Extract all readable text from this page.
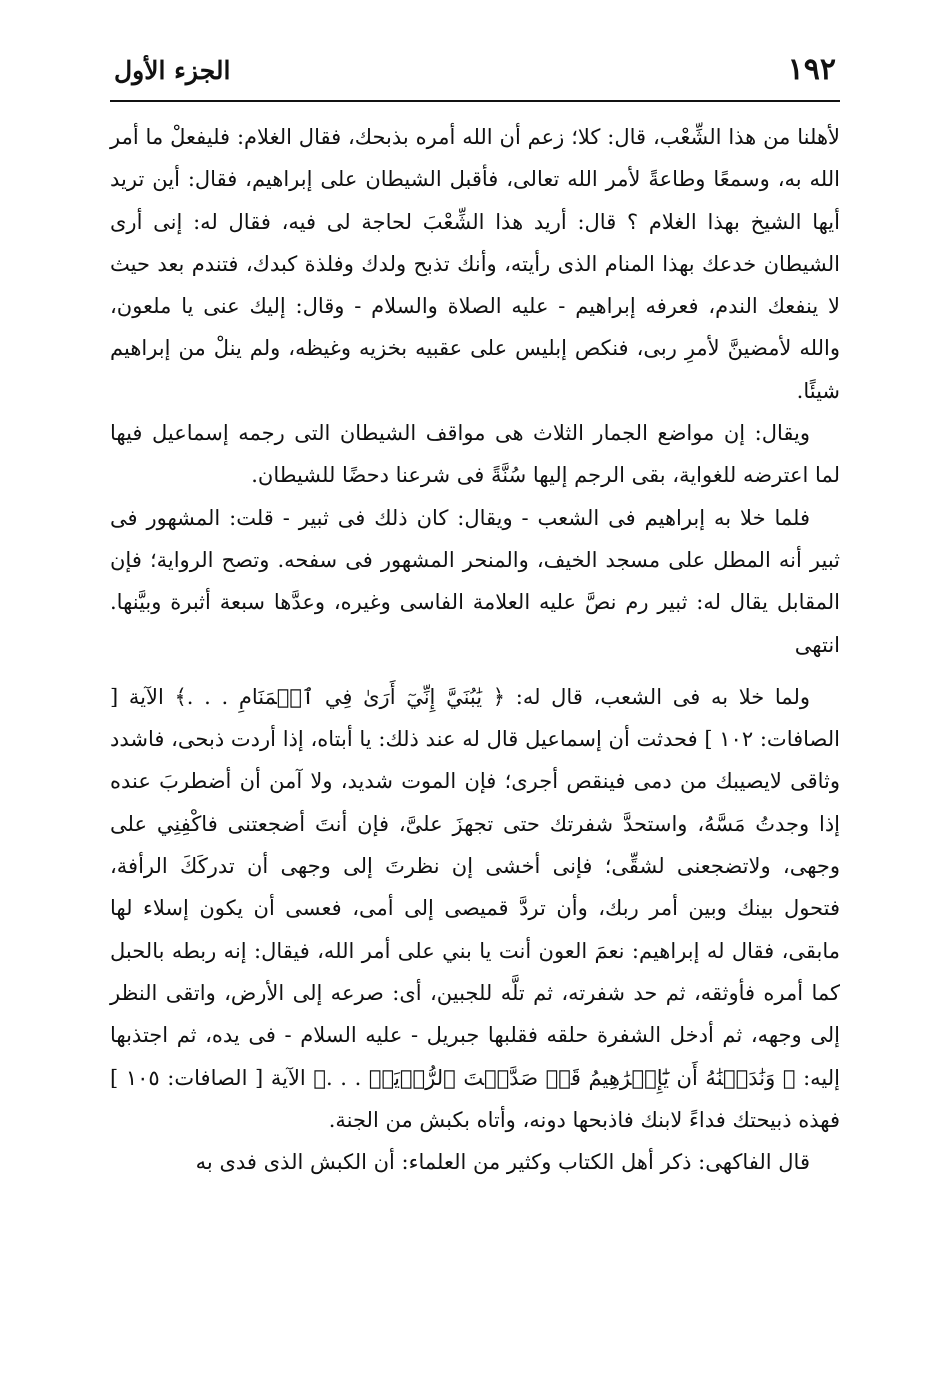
١٩٢
الجزء الأول

لأهلنا من هذا الشِّعْب، قال: كلا؛ زعم أن الله أمره بذبحك، فقال الغلام: فليفعلْ ما أمر الله به، وسمعًا وطاعةً لأمر الله تعالى، فأقبل الشيطان على إبراهيم، فقال: أين تريد أيها الشيخ بهذا الغلام ؟ قال: أريد هذا الشِّعْبَ لحاجة لى فيه، فقال له: إنى أرى الشيطان خدعك بهذا المنام الذى رأيته، وأنك تذبح ولدك وفلذة كبدك، فتندم بعد حيث لا ينفعك الندم، فعرفه إبراهيم - عليه الصلاة والسلام - وقال: إليك عنى يا ملعون، والله لأمضينَّ لأمرِ ربى، فنكص إبليس على عقبيه بخزيه وغيظه، ولم ينلْ من إبراهيم شيئًا.

ويقال: إن مواضع الجمار الثلاث هى مواقف الشيطان التى رجمه إسماعيل فيها لما اعترضه للغواية، بقى الرجم إليها سُنَّةً فى شرعنا دحضًا للشيطان.

فلما خلا به إبراهيم فى الشعب - ويقال: كان ذلك فى ثبير - قلت: المشهور فى ثبير أنه المطل على مسجد الخيف، والمنحر المشهور فى سفحه. وتصح الرواية؛ فإن المقابل يقال له: ثبير رم نصَّ عليه العلامة الفاسى وغيره، وعدَّها سبعة أثبرة وبيَّنها. انتهى

ولما خلا به فى الشعب، قال له: ﴿ يَٰبُنَيَّ إِنِّيٓ أَرَىٰ فِي ٱلۡمَنَامِ . . .﴾ الآية [ الصافات: ١٠٢ ] فحدثت أن إسماعيل قال له عند ذلك: يا أبتاه، إذا أردت ذبحى، فاشدد وثاقى لايصيبك من دمى فينقص أجرى؛ فإن الموت شديد، ولا آمن أن أضطربَ عنده إذا وجدتُ مَسَّهُ، واستحدَّ شفرتك حتى تجهزَ علىَّ، فإن أنتَ أضجعتنى فاكْفِنِي على وجهى، ولاتضجعنى لشقِّى؛ فإنى أخشى إن نظرتَ إلى وجهى أن تدركَكَ الرأفة، فتحول بينك وبين أمر ربك، وأن تردَّ قميصى إلى أمى، فعسى أن يكون إسلاء لها مابقى، فقال له إبراهيم: نعمَ العون أنت يا بني على أمر الله، فيقال: إنه ربطه بالحبل كما أمره فأوثقه، ثم حد شفرته، ثم تلَّه للجبين، أى: صرعه إلى الأرض، واتقى النظر إلى وجهه، ثم أدخل الشفرة حلقه فقلبها جبريل - عليه السلام - فى يده، ثم اجتذبها إليه: ﴿ وَنَٰدَيۡنَٰهُ أَن يَٰٓإِبۡرَٰهِيمُ قَدۡ صَدَّقۡتَ ٱلرُّءۡيَآۚ . . .﴾ الآية [ الصافات: ١٠٥ ] فهذه ذبيحتك فداءً لابنك فاذبحها دونه، وأتاه بكبش من الجنة.

قال الفاكهى: ذكر أهل الكتاب وكثير من العلماء: أن الكبش الذى فدى به
